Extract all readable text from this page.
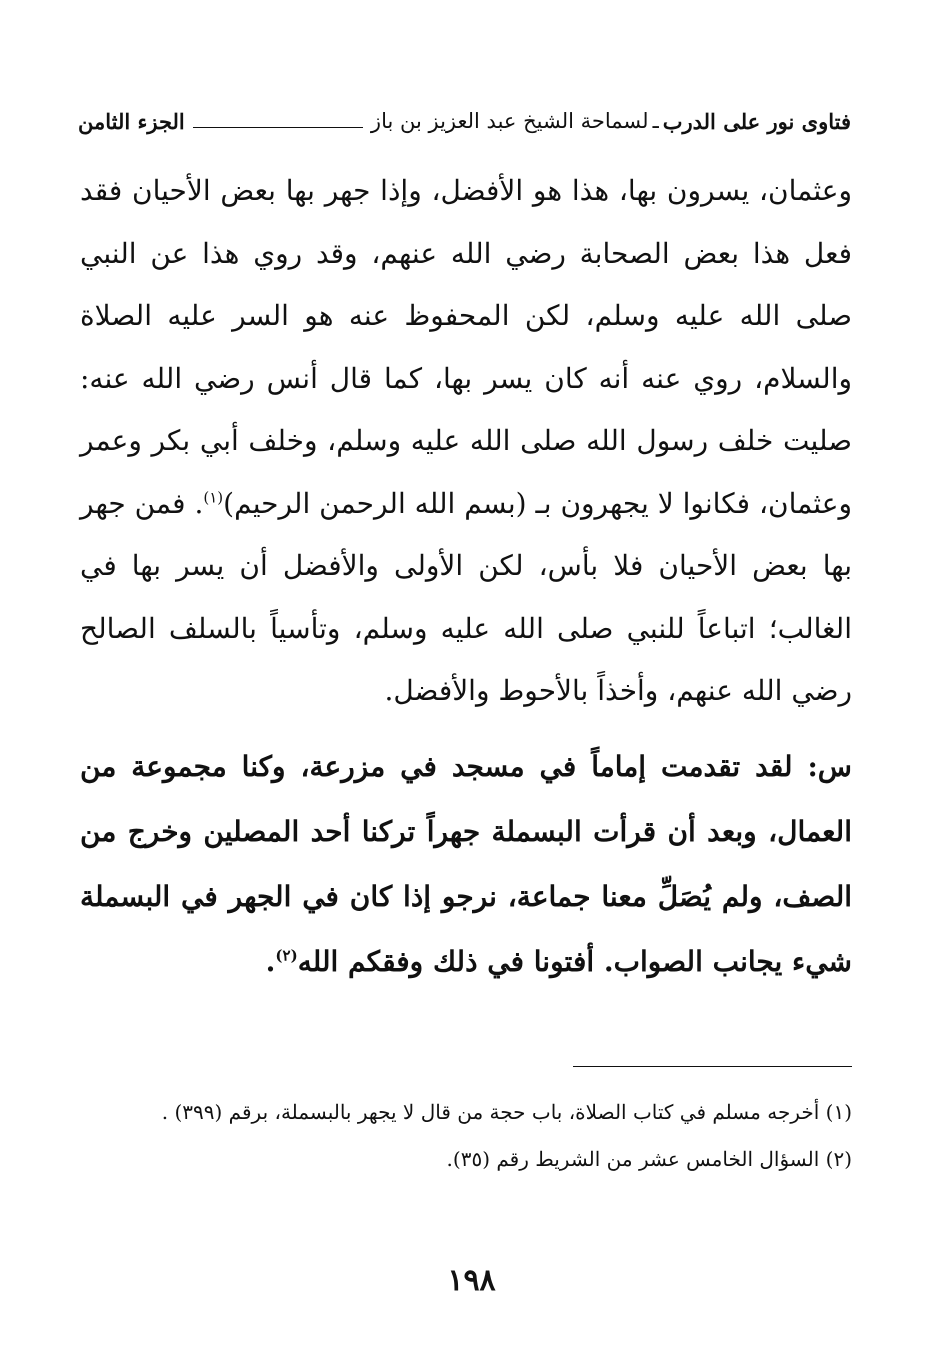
فتاوى نور على الدرب
ـ
لسماحة الشيخ عبد العزيز بن باز
الجزء الثامن

وعثمان، يسرون بها، هذا هو الأفضل، وإذا جهر بها بعض الأحيان فقد فعل هذا بعض الصحابة رضي الله عنهم، وقد روي هذا عن النبي صلى الله عليه وسلم، لكن المحفوظ عنه هو السر عليه الصلاة والسلام، روي عنه أنه كان يسر بها، كما قال أنس رضي الله عنه: صليت خلف رسول الله صلى الله عليه وسلم، وخلف أبي بكر وعمر وعثمان، فكانوا لا يجهرون بـ (بسم الله الرحمن الرحيم)$^{(١)}$. فمن جهر بها بعض الأحيان فلا بأس، لكن الأولى والأفضل أن يسر بها في الغالب؛ اتباعاً للنبي صلى الله عليه وسلم، وتأسياً بالسلف الصالح رضي الله عنهم، وأخذاً بالأحوط والأفضل.

س: لقد تقدمت إماماً في مسجد في مزرعة، وكنا مجموعة من العمال، وبعد أن قرأت البسملة جهراً تركنا أحد المصلين وخرج من الصف، ولم يُصَلِّ معنا جماعة، نرجو إذا كان في الجهر في البسملة شيء يجانب الصواب. أفتونا في ذلك وفقكم الله$^{(٢)}$.

(١) أخرجه مسلم في كتاب الصلاة، باب حجة من قال لا يجهر بالبسملة، برقم (٣٩٩) .

(٢) السؤال الخامس عشر من الشريط رقم (٣٥).

١٩٨
